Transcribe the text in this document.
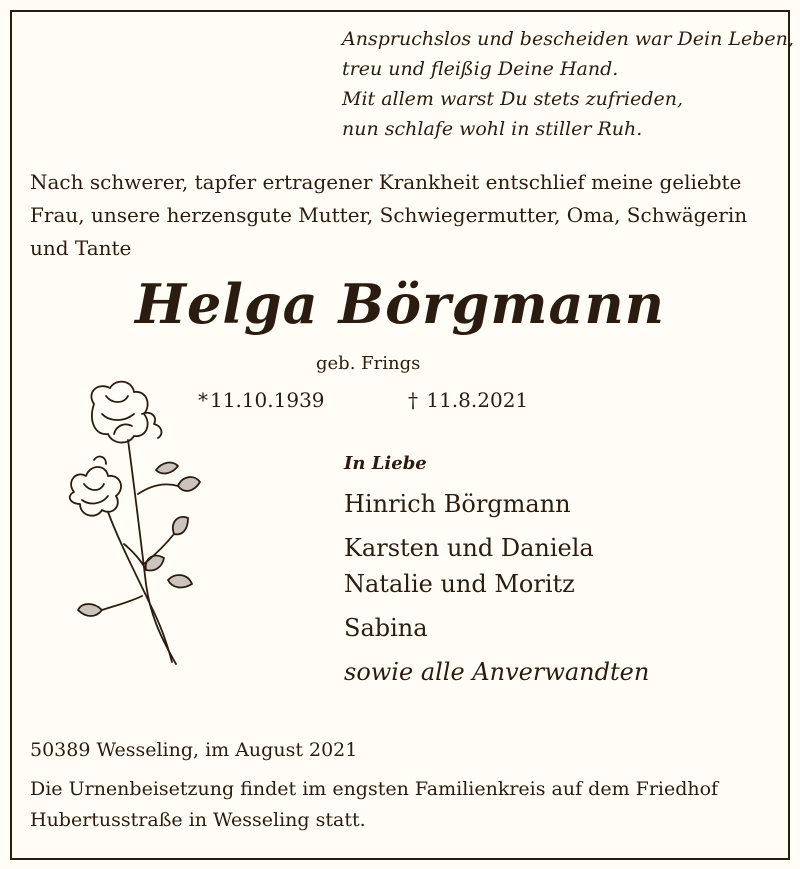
Anspruchslos und bescheiden war Dein Leben,
treu und fleißig Deine Hand.
Mit allem warst Du stets zufrieden,
nun schlafe wohl in stiller Ruh.
Nach schwerer, tapfer ertragener Krankheit entschlief meine geliebte
Frau, unsere herzensgute Mutter, Schwiegermutter, Oma, Schwägerin
und Tante
Helga Börgmann
geb. Frings
* 11.10.1939	† 11.8.2021
In Liebe
Hinrich Börgmann
Karsten und Daniela
Natalie und Moritz
Sabina
sowie alle Anverwandten
50389 Wesseling, im August 2021
Die Urnenbeisetzung findet im engsten Familienkreis auf dem Friedhof
Hubertusstraße in Wesseling statt.
